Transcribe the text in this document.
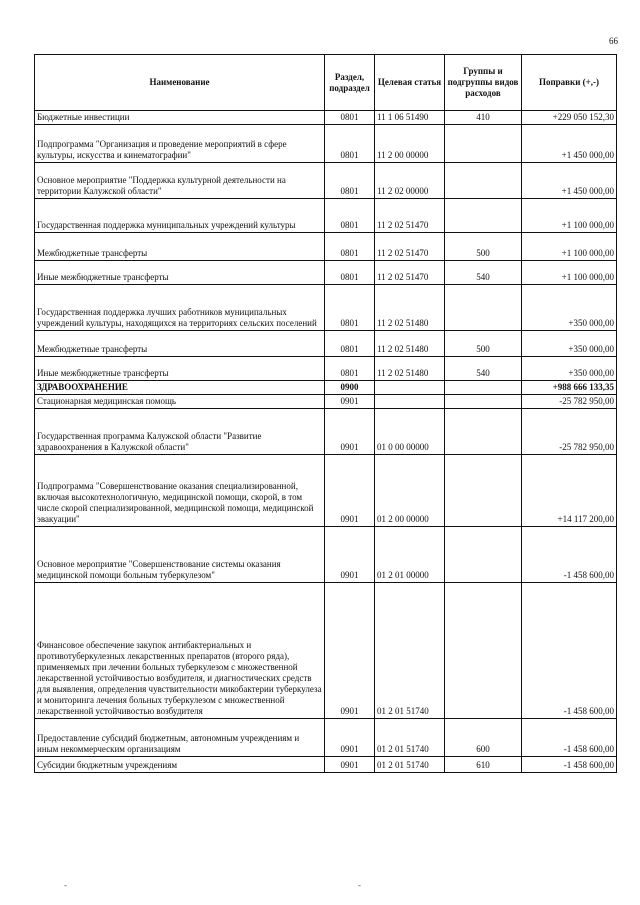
66
Наименование	Раздел, подраздел	Целевая статья	Группы и подгруппы видов расходов	Поправки (+,-)
Бюджетные инвестиции	0801	11 1 06 51490	410	+229 050 152,30
Подпрограмма "Организация и проведение мероприятий в сфере культуры, искусства и кинематографии"	0801	11 2 00 00000		+1 450 000,00
Основное мероприятие "Поддержка культурной деятельности на территории Калужской области"	0801	11 2 02 00000		+1 450 000,00
Государственная поддержка муниципальных учреждений культуры	0801	11 2 02 51470		+1 100 000,00
Межбюджетные трансферты	0801	11 2 02 51470	500	+1 100 000,00
Иные межбюджетные трансферты	0801	11 2 02 51470	540	+1 100 000,00
Государственная поддержка лучших работников муниципальных учреждений культуры, находящихся на территориях сельских поселений	0801	11 2 02 51480		+350 000,00
Межбюджетные трансферты	0801	11 2 02 51480	500	+350 000,00
Иные межбюджетные трансферты	0801	11 2 02 51480	540	+350 000,00
ЗДРАВООХРАНЕНИЕ	0900			+988 666 133,35
Стационарная медицинская помощь	0901			-25 782 950,00
Государственная программа Калужской области "Развитие здравоохранения в Калужской области"	0901	01 0 00 00000		-25 782 950,00
Подпрограмма "Совершенствование оказания специализированной, включая высокотехнологичную, медицинской помощи, скорой, в том числе скорой специализированной, медицинской помощи, медицинской эвакуации"	0901	01 2 00 00000		+14 117 200,00
Основное мероприятие "Совершенствование системы оказания медицинской помощи больным туберкулезом"	0901	01 2 01 00000		-1 458 600,00
Финансовое обеспечение закупок антибактериальных и противотуберкулезных лекарственных препаратов (второго ряда), применяемых при лечении больных туберкулезом с множественной лекарственной устойчивостью возбудителя, и диагностических средств для выявления, определения чувствительности микобактерии туберкулеза и мониторинга лечения больных туберкулезом с множественной лекарственной устойчивостью возбудителя	0901	01 2 01 51740		-1 458 600,00
Предоставление субсидий бюджетным, автономным учреждениям и иным некоммерческим организациям	0901	01 2 01 51740	600	-1 458 600,00
Субсидии бюджетным учреждениям	0901	01 2 01 51740	610	-1 458 600,00
-	-
